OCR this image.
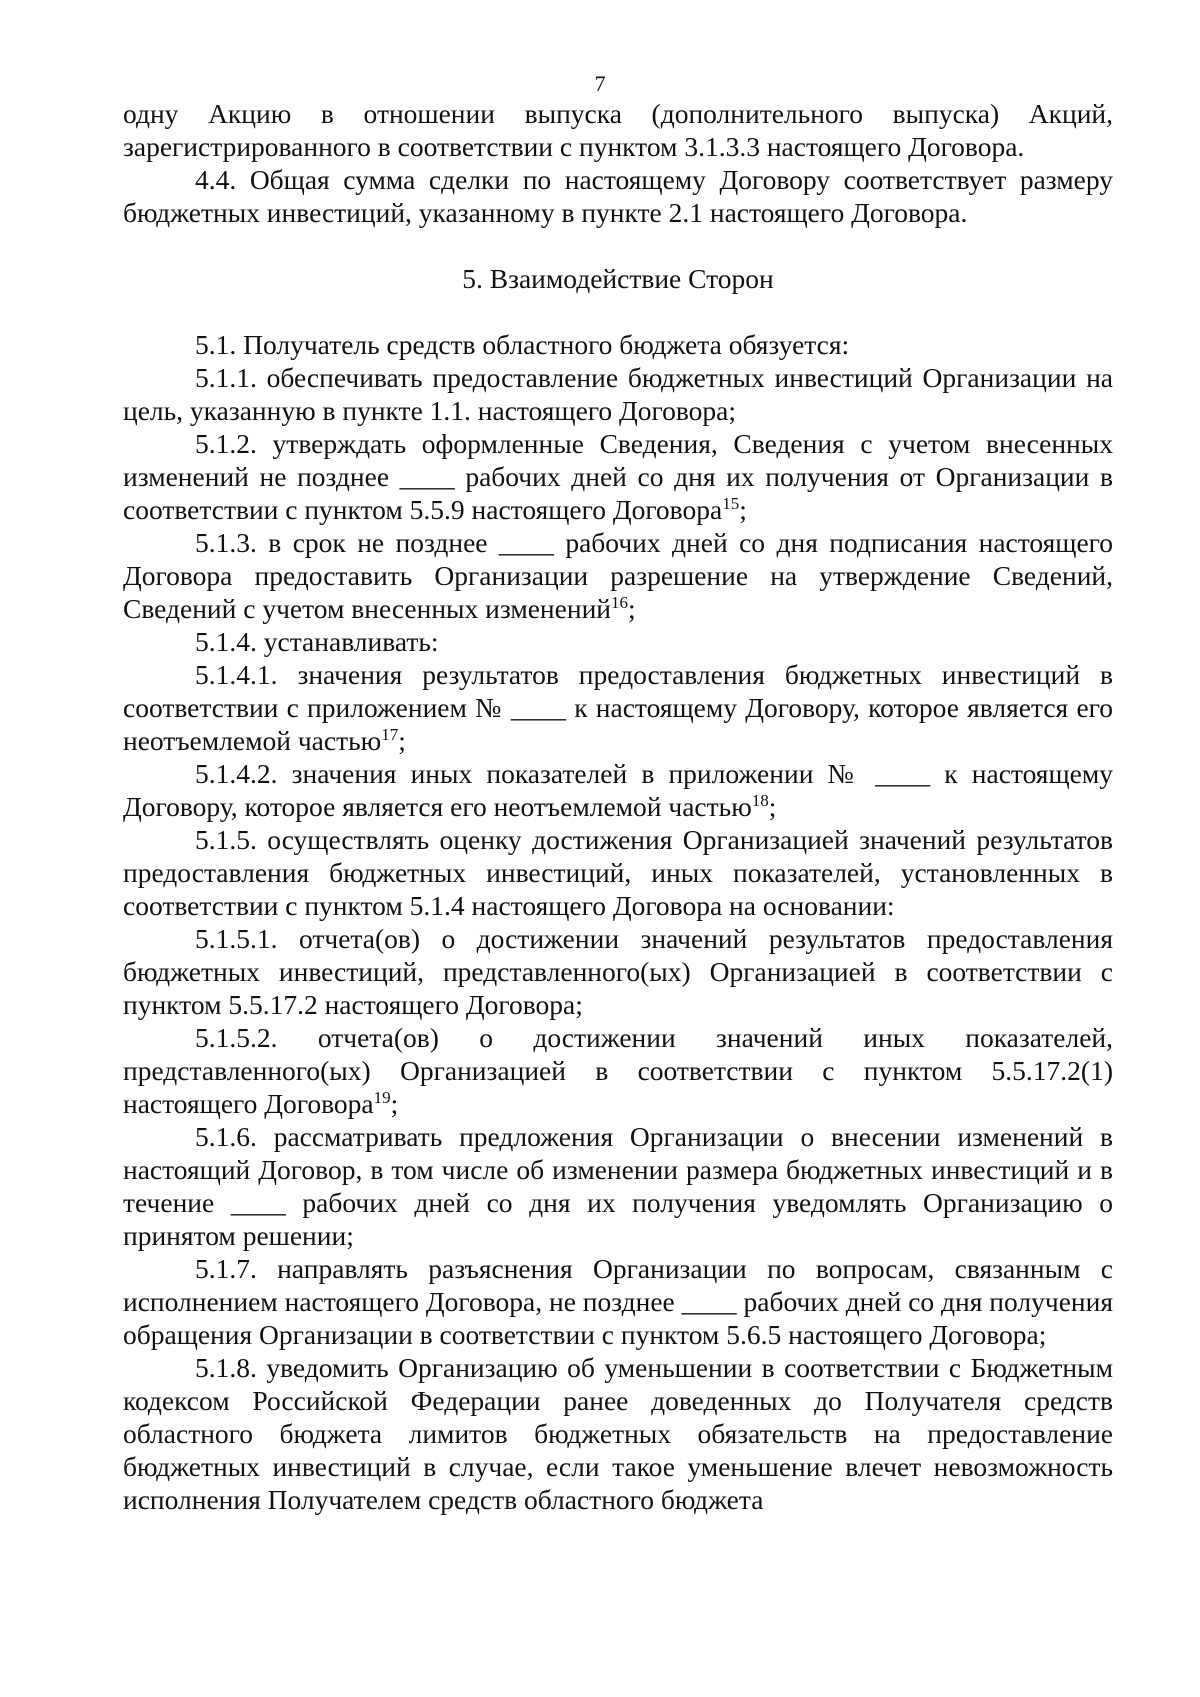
7

одну Акцию в отношении выпуска (дополнительного выпуска) Акций, зарегистрированного в соответствии с пунктом 3.1.3.3 настоящего Договора.

4.4. Общая сумма сделки по настоящему Договору соответствует размеру бюджетных инвестиций, указанному в пункте 2.1 настоящего Договора.

5. Взаимодействие Сторон

5.1. Получатель средств областного бюджета обязуется:

5.1.1. обеспечивать предоставление бюджетных инвестиций Организации на цель, указанную в пункте 1.1. настоящего Договора;

5.1.2. утверждать оформленные Сведения, Сведения с учетом внесенных изменений не позднее ____ рабочих дней со дня их получения от Организации в соответствии с пунктом 5.5.9 настоящего Договора$^{15}$;

5.1.3. в срок не позднее ____ рабочих дней со дня подписания настоящего Договора предоставить Организации разрешение на утверждение Сведений, Сведений с учетом внесенных изменений$^{16}$;

5.1.4. устанавливать:

5.1.4.1. значения результатов предоставления бюджетных инвестиций в соответствии с приложением № ____ к настоящему Договору, которое является его неотъемлемой частью$^{17}$;

5.1.4.2. значения иных показателей в приложении № ____ к настоящему Договору, которое является его неотъемлемой частью$^{18}$;

5.1.5. осуществлять оценку достижения Организацией значений результатов предоставления бюджетных инвестиций, иных показателей, установленных в соответствии с пунктом 5.1.4 настоящего Договора на основании:

5.1.5.1. отчета(ов) о достижении значений результатов предоставления бюджетных инвестиций, представленного(ых) Организацией в соответствии с пунктом 5.5.17.2 настоящего Договора;

5.1.5.2. отчета(ов) о достижении значений иных показателей, представленного(ых) Организацией в соответствии с пунктом 5.5.17.2(1) настоящего Договора$^{19}$;

5.1.6. рассматривать предложения Организации о внесении изменений в настоящий Договор, в том числе об изменении размера бюджетных инвестиций и в течение ____ рабочих дней со дня их получения уведомлять Организацию о принятом решении;

5.1.7. направлять разъяснения Организации по вопросам, связанным с исполнением настоящего Договора, не позднее ____ рабочих дней со дня получения обращения Организации в соответствии с пунктом 5.6.5 настоящего Договора;

5.1.8. уведомить Организацию об уменьшении в соответствии с Бюджетным кодексом Российской Федерации ранее доведенных до Получателя средств областного бюджета лимитов бюджетных обязательств на предоставление бюджетных инвестиций в случае, если такое уменьшение влечет невозможность исполнения Получателем средств областного бюджета
